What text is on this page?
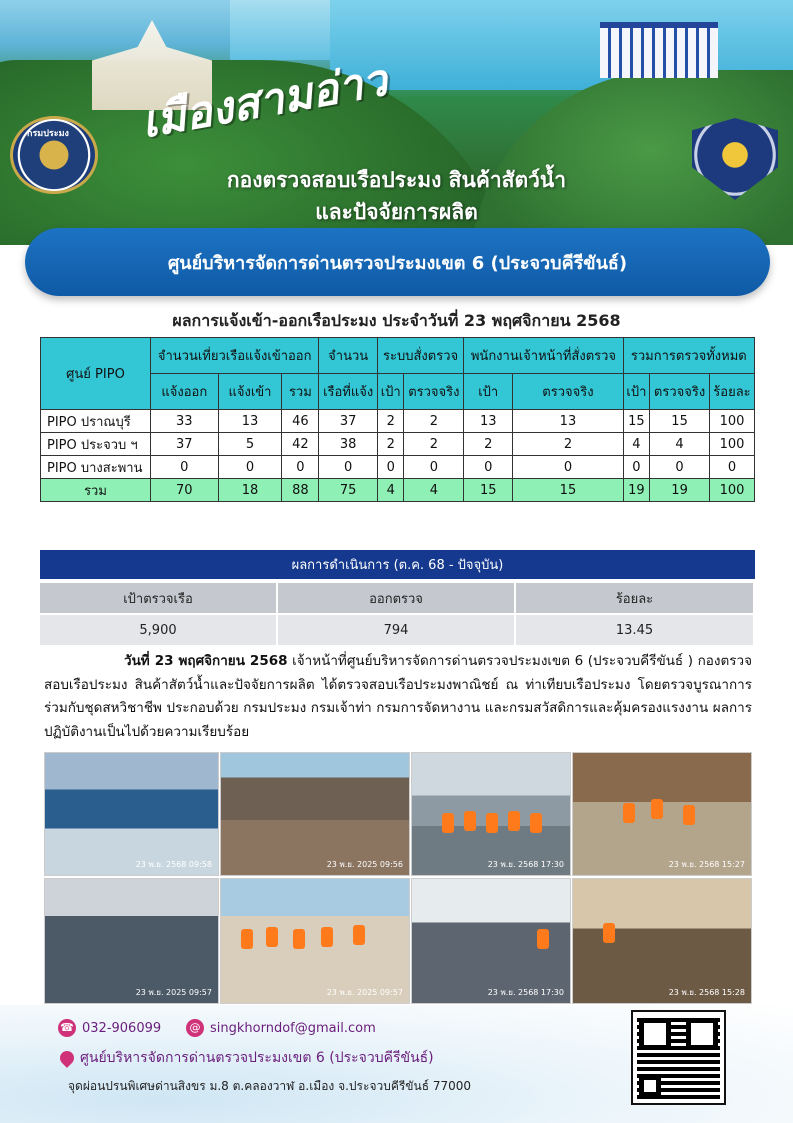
เมืองสามอ่าว
กรมประมง
กองตรวจสอบเรือประมง สินค้าสัตว์น้ำ
และปัจจัยการผลิต
ศูนย์บริหารจัดการด่านตรวจประมงเขต 6 (ประจวบคีรีขันธ์)
ผลการแจ้งเข้า-ออกเรือประมง ประจำวันที่ 23 พฤศจิกายน 2568
ศูนย์ PIPO	จำนวนเที่ยวเรือแจ้งเข้าออก			จำนวน	ระบบสั่งตรวจ		พนักงานเจ้าหน้าที่สั่งตรวจ		รวมการตรวจทั้งหมด		
	แจ้งออก	แจ้งเข้า	รวม	เรือที่แจ้ง	เป้า	ตรวจจริง	เป้า	ตรวจจริง	เป้า	ตรวจจริง	ร้อยละ
PIPO ปราณบุรี	33	13	46	37	2	2	13	13	15	15	100
PIPO ประจวบ ฯ	37	5	42	38	2	2	2	2	4	4	100
PIPO บางสะพาน	0	0	0	0	0	0	0	0	0	0	0
รวม	70	18	88	75	4	4	15	15	19	19	100
ผลการดำเนินการ (ต.ค. 68 - ปัจจุบัน)
เป้าตรวจเรือ	ออกตรวจ	ร้อยละ
5,900	794	13.45

วันที่ 23 พฤศจิกายน 2568 เจ้าหน้าที่ศูนย์บริหารจัดการด่านตรวจประมงเขต 6 (ประจวบคีรีขันธ์ ) กองตรวจสอบเรือประมง สินค้าสัตว์น้ำและปัจจัยการผลิต ได้ตรวจสอบเรือประมงพาณิชย์ ณ ท่าเทียบเรือประมง โดยตรวจบูรณาการร่วมกับชุดสหวิชาชีพ ประกอบด้วย กรมประมง กรมเจ้าท่า กรมการจัดหางาน และกรมสวัสดิการและคุ้มครองแรงงาน ผลการปฏิบัติงานเป็นไปด้วยความเรียบร้อย

23 พ.ย. 2568 09:58	23 พ.ย. 2025 09:56	23 พ.ย. 2568 17:30	23 พ.ย. 2568 15:27
23 พ.ย. 2025 09:57	23 พ.ย. 2025 09:57	23 พ.ย. 2568 17:30	23 พ.ย. 2568 15:28
☎ 032-906099	@ singkhorndof@gmail.com
ศูนย์บริหารจัดการด่านตรวจประมงเขต 6 (ประจวบคีรีขันธ์)
จุดผ่อนปรนพิเศษด่านสิงขร ม.8 ต.คลองวาฬ อ.เมือง จ.ประจวบคีรีขันธ์ 77000
